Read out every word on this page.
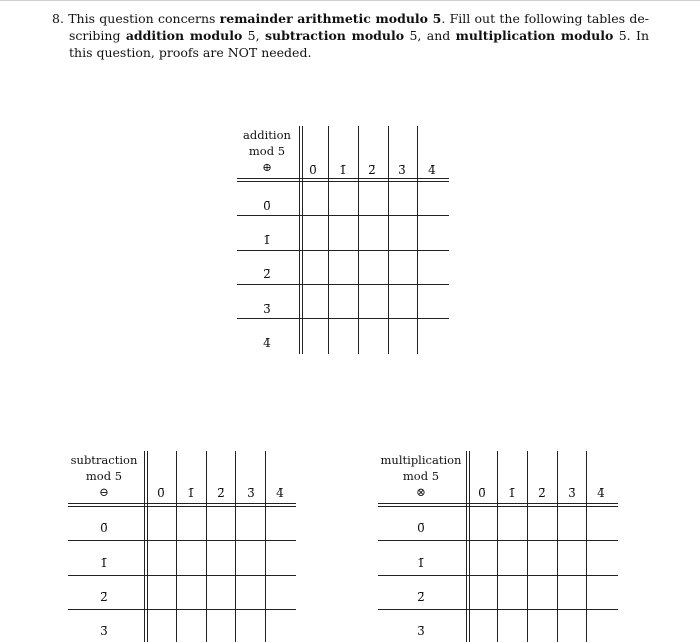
8. This question concerns remainder arithmetic modulo 5. Fill out the following tables de- scribing addition modulo 5, subtraction modulo 5, and multiplication modulo 5. In this question, proofs are NOT needed.
addition
mod 5
⊕	0̄	1̄	2̄	3̄	4̄
0̄
1̄
2̄
3̄
4̄
subtraction
mod 5
⊖	0̄	1̄	2̄	3̄	4̄
0̄
1̄
2̄
3̄
multiplication
mod 5
⊗	0̄	1̄	2̄	3̄	4̄
0̄
1̄
2̄
3̄
